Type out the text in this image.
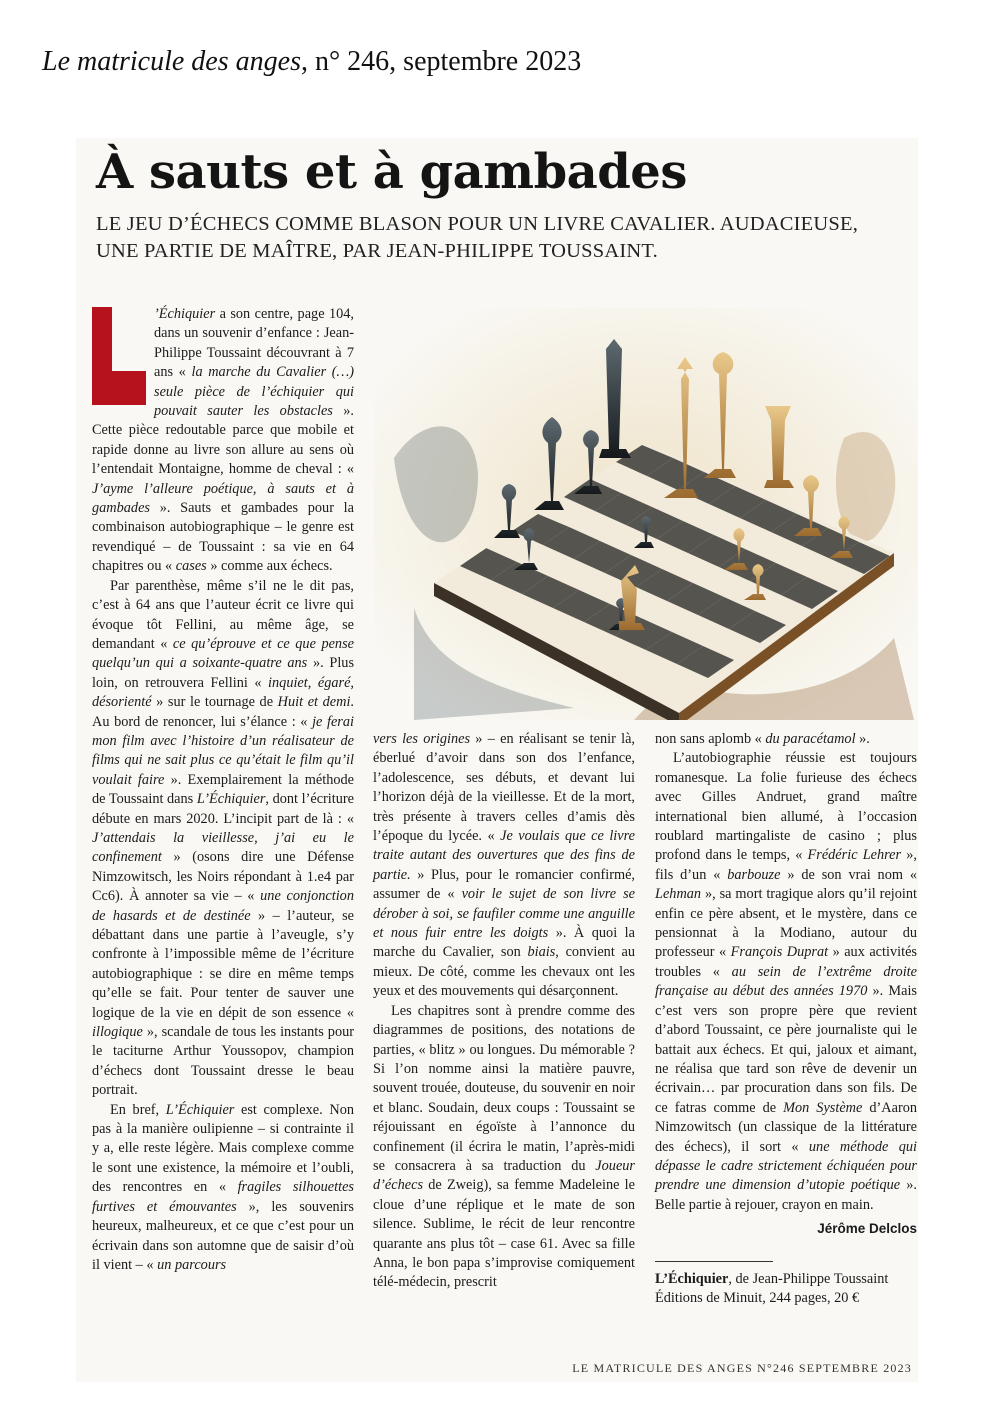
Le matricule des anges, n° 246, septembre 2023
À sauts et à gambades

LE JEU D’ÉCHECS COMME BLASON POUR UN LIVRE CAVALIER. AUDACIEUSE, UNE PARTIE DE MAÎTRE, PAR JEAN-PHILIPPE TOUSSAINT.

’Échiquier a son centre, page 104, dans un souvenir d’enfance : Jean-Philippe Toussaint découvrant à 7 ans « la marche du Cavalier (…) seule pièce de l’échiquier qui pouvait sauter les obstacles ». Cette pièce redoutable parce que mobile et rapide donne au livre son allure au sens où l’entendait Montaigne, homme de cheval : « J’ayme l’alleure poétique, à sauts et à gambades ». Sauts et gambades pour la combinaison autobiographique – le genre est revendiqué – de Toussaint : sa vie en 64 chapitres ou « cases » comme aux échecs.

Par parenthèse, même s’il ne le dit pas, c’est à 64 ans que l’auteur écrit ce livre qui évoque tôt Fellini, au même âge, se demandant « ce qu’éprouve et ce que pense quelqu’un qui a soixante-quatre ans ». Plus loin, on retrouvera Fellini « inquiet, égaré, désorienté » sur le tournage de Huit et demi. Au bord de renoncer, lui s’élance : « je ferai mon film avec l’histoire d’un réalisateur de films qui ne sait plus ce qu’était le film qu’il voulait faire ». Exemplairement la méthode de Toussaint dans L’Échiquier, dont l’écriture débute en mars 2020. L’incipit part de là : « J’attendais la vieillesse, j’ai eu le confinement » (osons dire une Défense Nimzowitsch, les Noirs répondant à 1.e4 par Cc6). À annoter sa vie – « une conjonction de hasards et de destinée » – l’auteur, se débattant dans une partie à l’aveugle, s’y confronte à l’impossible même de l’écriture autobiographique : se dire en même temps qu’elle se fait. Pour tenter de sauver une logique de la vie en dépit de son essence « illogique », scandale de tous les instants pour le taciturne Arthur Youssopov, champion d’échecs dont Toussaint dresse le beau portrait.

En bref, L’Échiquier est complexe. Non pas à la manière oulipienne – si contrainte il y a, elle reste légère. Mais complexe comme le sont une existence, la mémoire et l’oubli, des rencontres en « fragiles silhouettes furtives et émouvantes », les souvenirs heureux, malheureux, et ce que c’est pour un écrivain dans son automne que de saisir d’où il vient – « un parcours

vers les origines » – en réalisant se tenir là, éberlué d’avoir dans son dos l’enfance, l’adolescence, ses débuts, et devant lui l’horizon déjà de la vieillesse. Et de la mort, très présente à travers celles d’amis dès l’époque du lycée. « Je voulais que ce livre traite autant des ouvertures que des fins de partie. » Plus, pour le romancier confirmé, assumer de « voir le sujet de son livre se dérober à soi, se faufiler comme une anguille et nous fuir entre les doigts ». À quoi la marche du Cavalier, son biais, convient au mieux. De côté, comme les chevaux ont les yeux et des mouvements qui désarçonnent.

Les chapitres sont à prendre comme des diagrammes de positions, des notations de parties, « blitz » ou longues. Du mémorable ? Si l’on nomme ainsi la matière pauvre, souvent trouée, douteuse, du souvenir en noir et blanc. Soudain, deux coups : Toussaint se réjouissant en égoïste à l’annonce du confinement (il écrira le matin, l’après-midi se consacrera à sa traduction du Joueur d’échecs de Zweig), sa femme Madeleine le cloue d’une réplique et le mate de son silence. Sublime, le récit de leur rencontre quarante ans plus tôt – case 61. Avec sa fille Anna, le bon papa s’improvise comiquement télé-médecin, prescrit

non sans aplomb « du paracétamol ».

L’autobiographie réussie est toujours romanesque. La folie furieuse des échecs avec Gilles Andruet, grand maître international bien allumé, à l’occasion roublard martingaliste de casino ; plus profond dans le temps, « Frédéric Lehrer », fils d’un « barbouze » de son vrai nom « Lehman », sa mort tragique alors qu’il rejoint enfin ce père absent, et le mystère, dans ce pensionnat à la Modiano, autour du professeur « François Duprat » aux activités troubles « au sein de l’extrême droite française au début des années 1970 ». Mais c’est vers son propre père que revient d’abord Toussaint, ce père journaliste qui le battait aux échecs. Et qui, jaloux et aimant, ne réalisa que tard son rêve de devenir un écrivain… par procuration dans son fils. De ce fatras comme de Mon Système d’Aaron Nimzowitsch (un classique de la littérature des échecs), il sort « une méthode qui dépasse le cadre strictement échiquéen pour prendre une dimension d’utopie poétique ». Belle partie à rejouer, crayon en main.

Jérôme Delclos
L’Échiquier, de Jean-Philippe Toussaint
Éditions de Minuit, 244 pages, 20 €
LE MATRICULE DES ANGES N°246 SEPTEMBRE 2023
